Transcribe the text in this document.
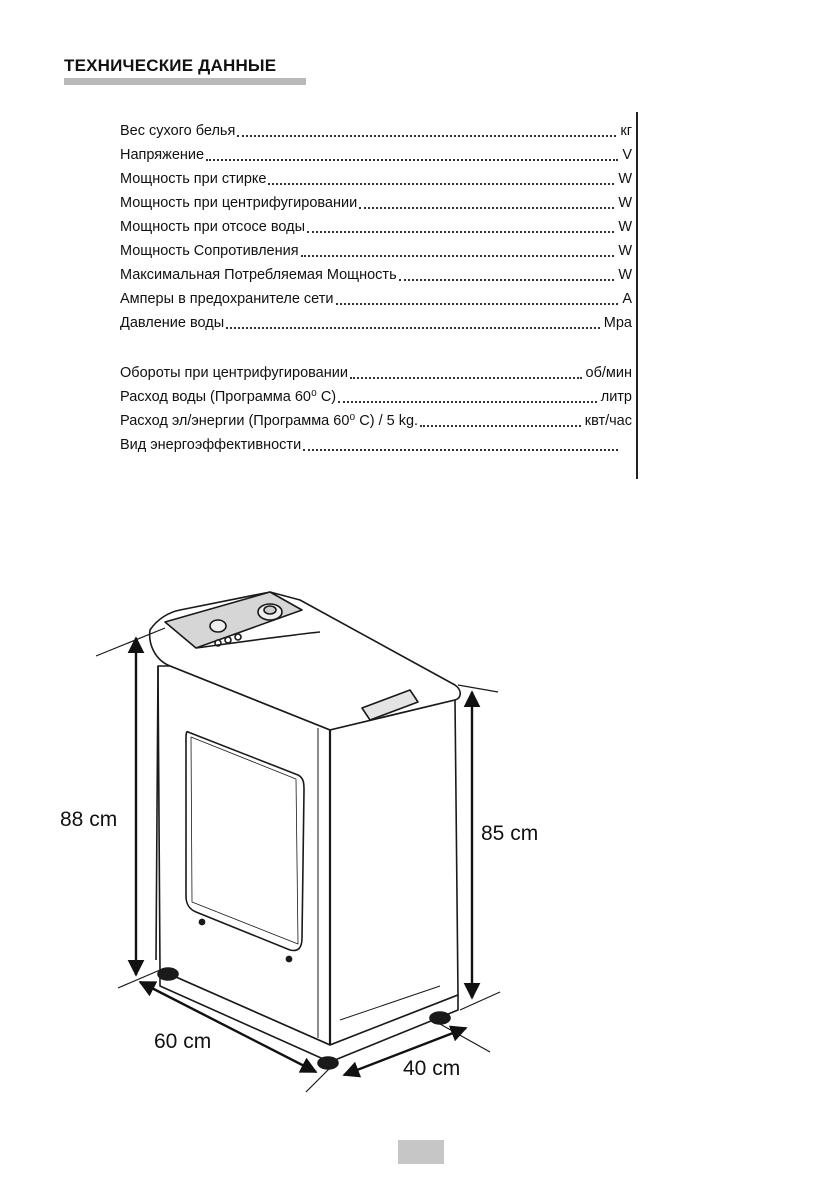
ТЕХНИЧЕСКИЕ ДАННЫЕ
Вес сухого белья	кг
Напряжение	V
Мощность при стирке	W
Мощность при центрифугировании	W
Мощность при отсосе воды	W
Мощность Сопротивления	W
Максимальная Потребляемая Мощность	W
Амперы в предохранителе сети	A
Давление воды	Мpa
Обороты при центрифугировании	об/мин
Расход воды (Программа 60⁰ С)	литр
Расход эл/энергии (Программа 60⁰ С) / 5 kg.	квт/час
Вид энергоэффективности
88 cm
85 cm
60 cm
40 cm
